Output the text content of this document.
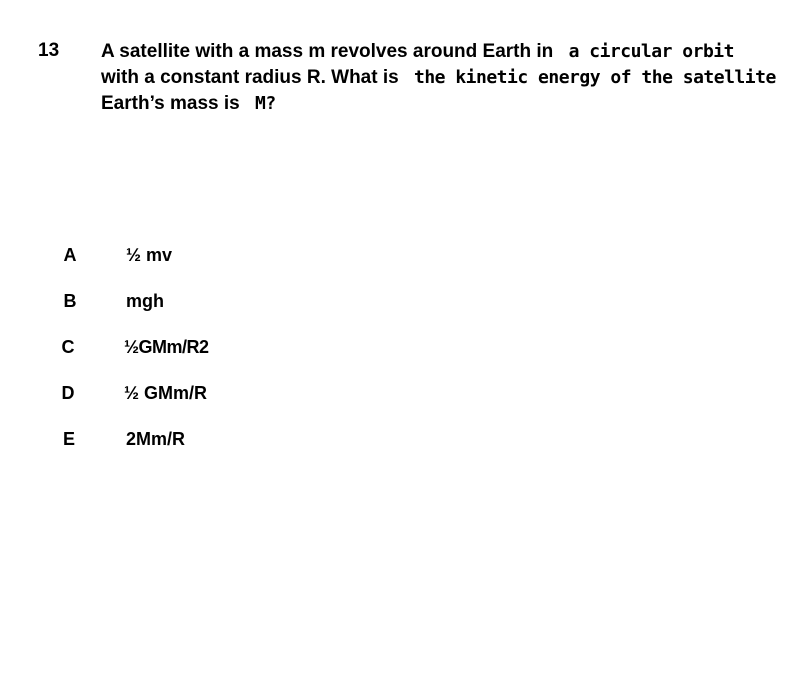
13 A satellite with a mass m revolves around Earth in a circular orbit
with a constant radius R. What is the kinetic energy of the satellite
Earth’s mass is M?
A	½ mv
B	mgh
C	½GMm/R2
D	½ GMm/R
E	2Mm/R
